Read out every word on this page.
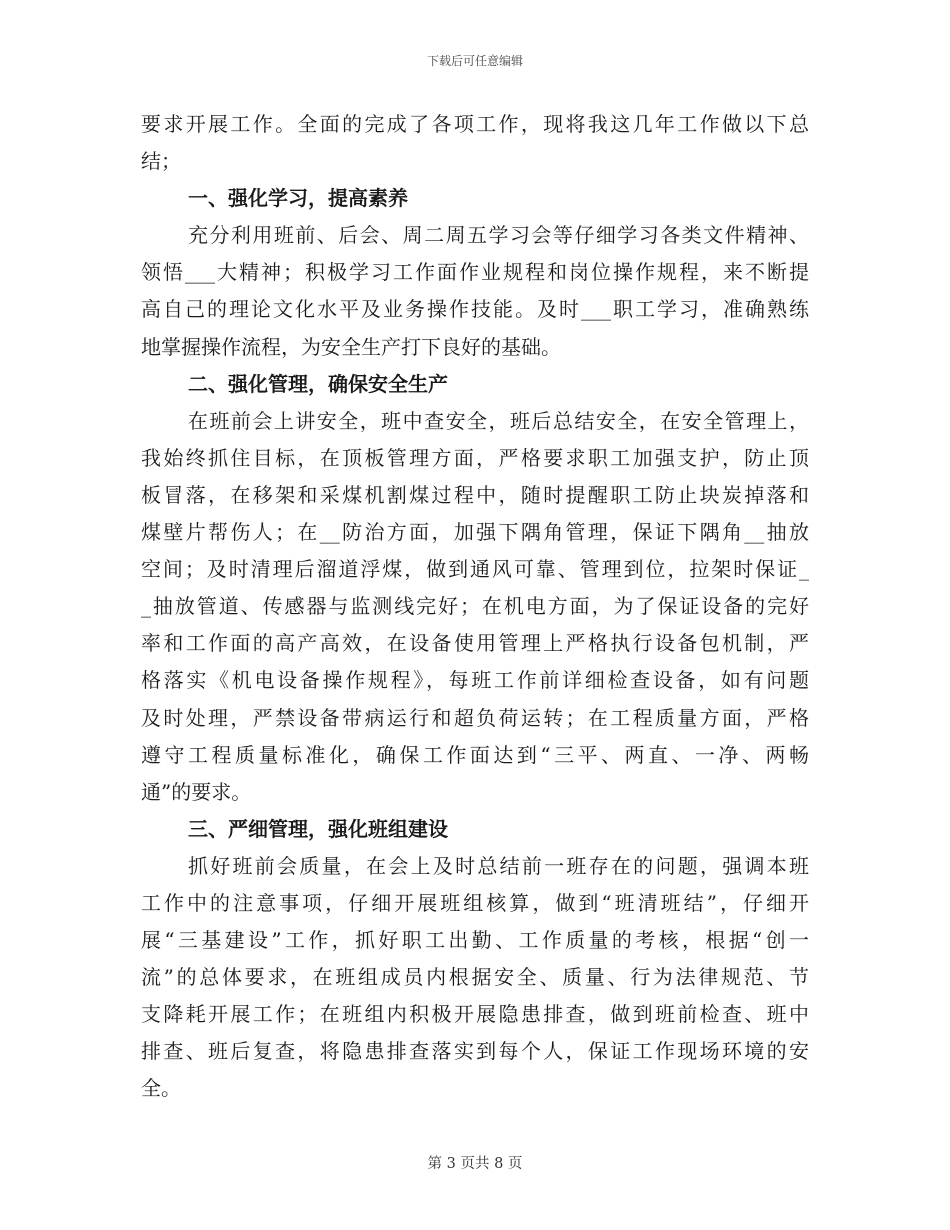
下载后可任意编辑
要求开展工作。全面的完成了各项工作，现将我这几年工作做以下总
结；
一、强化学习，提高素养
充分利用班前、后会、周二周五学习会等仔细学习各类文件精神、
领悟___大精神；积极学习工作面作业规程和岗位操作规程，来不断提
高自己的理论文化水平及业务操作技能。及时___职工学习，准确熟练
地掌握操作流程，为安全生产打下良好的基础。
二、强化管理，确保安全生产
在班前会上讲安全，班中查安全，班后总结安全，在安全管理上，
我始终抓住目标，在顶板管理方面，严格要求职工加强支护，防止顶
板冒落，在移架和采煤机割煤过程中，随时提醒职工防止块炭掉落和
煤壁片帮伤人；在__防治方面，加强下隅角管理，保证下隅角__抽放
空间；及时清理后溜道浮煤，做到通风可靠、管理到位，拉架时保证_
_抽放管道、传感器与监测线完好；在机电方面，为了保证设备的完好
率和工作面的高产高效，在设备使用管理上严格执行设备包机制，严
格落实《机电设备操作规程》，每班工作前详细检查设备，如有问题
及时处理，严禁设备带病运行和超负荷运转；在工程质量方面，严格
遵守工程质量标准化，确保工作面达到“三平、两直、一净、两畅
通”的要求。
三、严细管理，强化班组建设
抓好班前会质量，在会上及时总结前一班存在的问题，强调本班
工作中的注意事项，仔细开展班组核算，做到“班清班结”，仔细开
展“三基建设”工作，抓好职工出勤、工作质量的考核，根据“创一
流”的总体要求，在班组成员内根据安全、质量、行为法律规范、节
支降耗开展工作；在班组内积极开展隐患排查，做到班前检查、班中
排查、班后复查，将隐患排查落实到每个人，保证工作现场环境的安
全。
第 3 页共 8 页
